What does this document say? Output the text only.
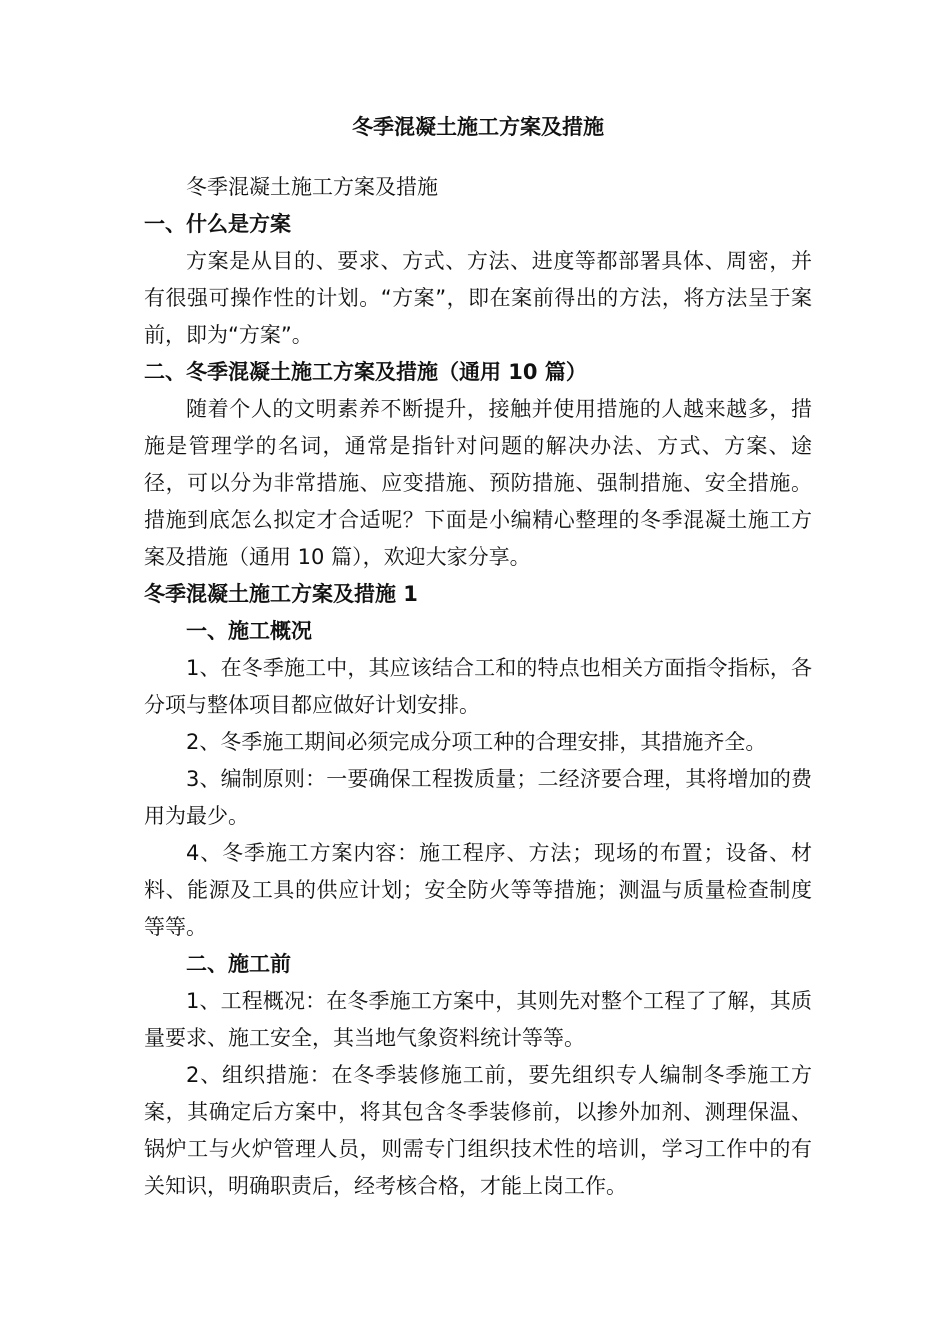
冬季混凝土施工方案及措施

冬季混凝土施工方案及措施

一、什么是方案

方案是从目的、要求、方式、方法、进度等都部署具体、周密，并有很强可操作性的计划。“方案”，即在案前得出的方法，将方法呈于案前，即为“方案”。

二、冬季混凝土施工方案及措施（通用 10 篇）

随着个人的文明素养不断提升，接触并使用措施的人越来越多，措施是管理学的名词，通常是指针对问题的解决办法、方式、方案、途径，可以分为非常措施、应变措施、预防措施、强制措施、安全措施。措施到底怎么拟定才合适呢？下面是小编精心整理的冬季混凝土施工方案及措施（通用 10 篇），欢迎大家分享。

冬季混凝土施工方案及措施 1

一、施工概况

1、在冬季施工中，其应该结合工和的特点也相关方面指令指标，各分项与整体项目都应做好计划安排。

2、冬季施工期间必须完成分项工种的合理安排，其措施齐全。

3、编制原则：一要确保工程拨质量；二经济要合理，其将增加的费用为最少。

4、冬季施工方案内容：施工程序、方法；现场的布置；设备、材料、能源及工具的供应计划；安全防火等等措施；测温与质量检查制度等等。

二、施工前

1、工程概况：在冬季施工方案中，其则先对整个工程了了解，其质量要求、施工安全，其当地气象资料统计等等。

2、组织措施：在冬季装修施工前，要先组织专人编制冬季施工方案，其确定后方案中，将其包含冬季装修前，以掺外加剂、测理保温、锅炉工与火炉管理人员，则需专门组织技术性的培训，学习工作中的有关知识，明确职责后，经考核合格，才能上岗工作。
